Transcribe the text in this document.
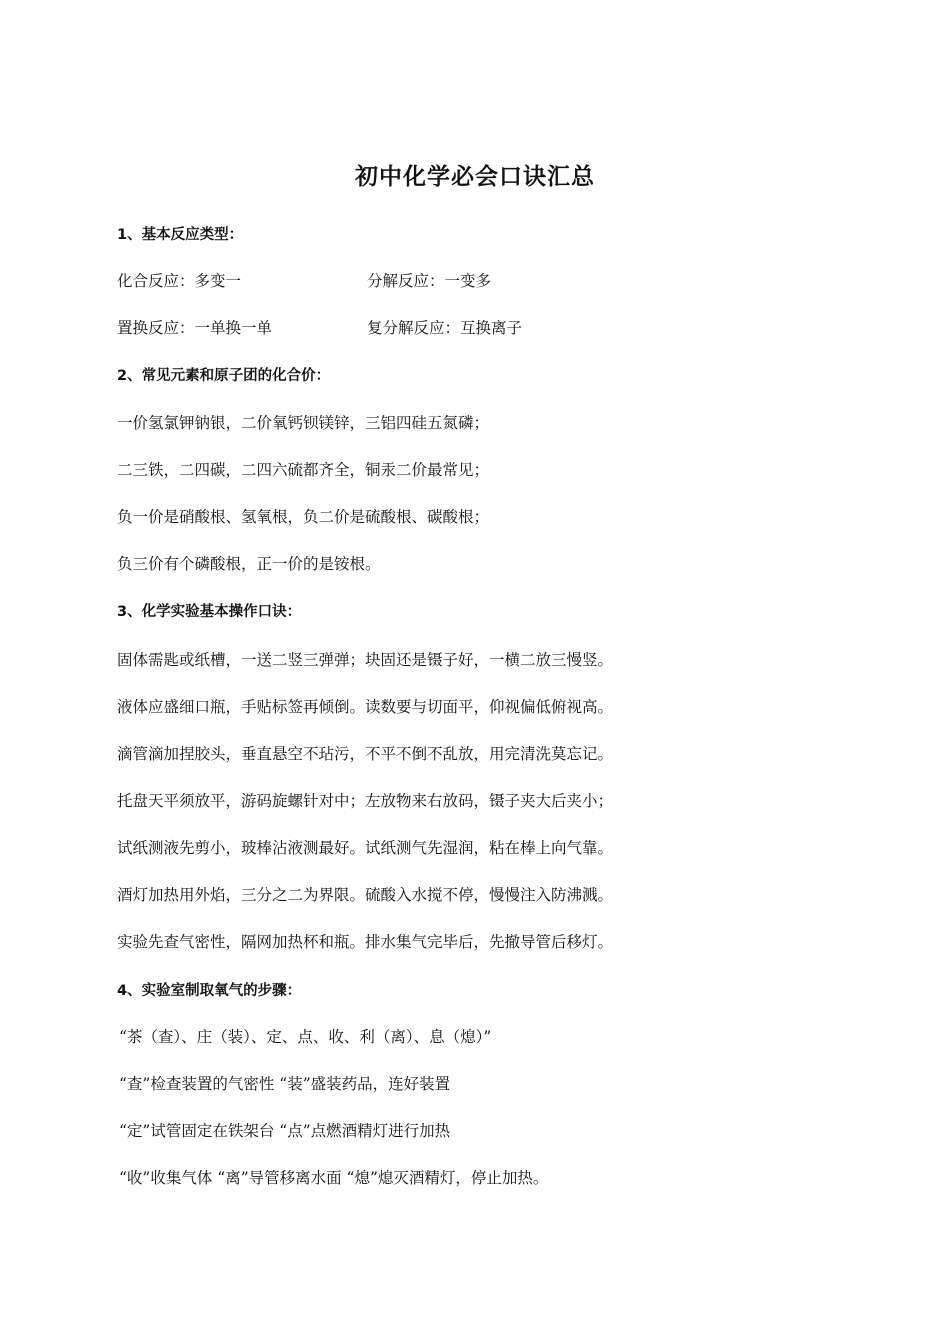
初中化学必会口诀汇总
1、基本反应类型：
化合反应：多变一	分解反应：一变多
置换反应：一单换一单	复分解反应：互换离子
2、常见元素和原子团的化合价：
一价氢氯钾钠银，二价氧钙钡镁锌，三铝四硅五氮磷；
二三铁，二四碳，二四六硫都齐全，铜汞二价最常见；
负一价是硝酸根、氢氧根，负二价是硫酸根、碳酸根；
负三价有个磷酸根，正一价的是铵根。
3、化学实验基本操作口诀：
固体需匙或纸槽，一送二竖三弹弹；块固还是镊子好，一横二放三慢竖。
液体应盛细口瓶，手贴标签再倾倒。读数要与切面平，仰视偏低俯视高。
滴管滴加捏胶头，垂直悬空不玷污，不平不倒不乱放，用完清洗莫忘记。
托盘天平须放平，游码旋螺针对中；左放物来右放码，镊子夹大后夹小；
试纸测液先剪小，玻棒沾液测最好。试纸测气先湿润，粘在棒上向气靠。
酒灯加热用外焰，三分之二为界限。硫酸入水搅不停，慢慢注入防沸溅。
实验先查气密性，隔网加热杯和瓶。排水集气完毕后，先撤导管后移灯。
4、实验室制取氧气的步骤：
“茶（查）、庄（装）、定、点、收、利（离）、息（熄）”
“查”检查装置的气密性 “装”盛装药品，连好装置
“定”试管固定在铁架台 “点”点燃酒精灯进行加热
“收”收集气体 “离”导管移离水面 “熄”熄灭酒精灯，停止加热。
